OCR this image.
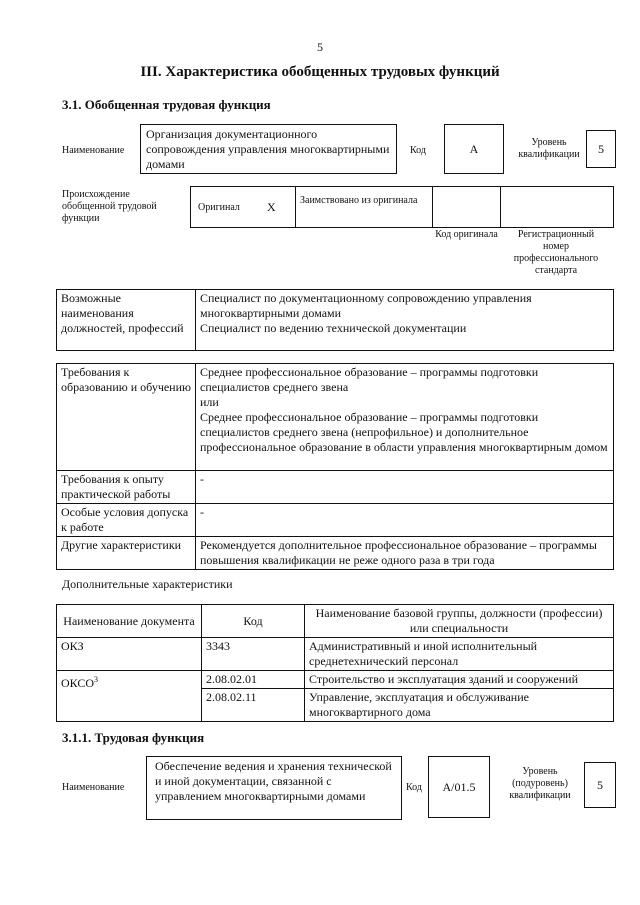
5
III. Характеристика обобщенных трудовых функций
3.1. Обобщенная трудовая функция
Наименование
Организация документационного сопровождения управления многоквартирными домами
Код	A	Уровень квалификации	5
Происхождение обобщенной трудовой функции
Оригинал X	Заимствовано из оригинала
Код оригинала	Регистрационный номер профессионального стандарта
Возможные наименования должностей, профессий	
Специалист по документационному сопровождению управления многоквартирными домами
Специалист по ведению технической документации
Требования к образованию и обучению	Среднее профессиональное образование – программы подготовки специалистов среднего звена
или
Среднее профессиональное образование – программы подготовки специалистов среднего звена (непрофильное) и дополнительное профессиональное образование в области управления многоквартирным домом
Требования к опыту практической работы	-
Особые условия допуска к работе	-
Другие характеристики	Рекомендуется дополнительное профессиональное образование – программы повышения квалификации не реже одного раза в три года
Дополнительные характеристики
Наименование документа	Код	Наименование базовой группы, должности (профессии) или специальности
ОКЗ	3343	Административный и иной исполнительный среднетехнический персонал
ОКСО$^3$	2.08.02.01	Строительство и эксплуатация зданий и сооружений
	2.08.02.11	Управление, эксплуатация и обслуживание многоквартирного дома
3.1.1. Трудовая функция
Наименование
Обеспечение ведения и хранения технической и иной документации, связанной с управлением многоквартирными домами
Код	A/01.5
Уровень (подуровень) квалификации
5
